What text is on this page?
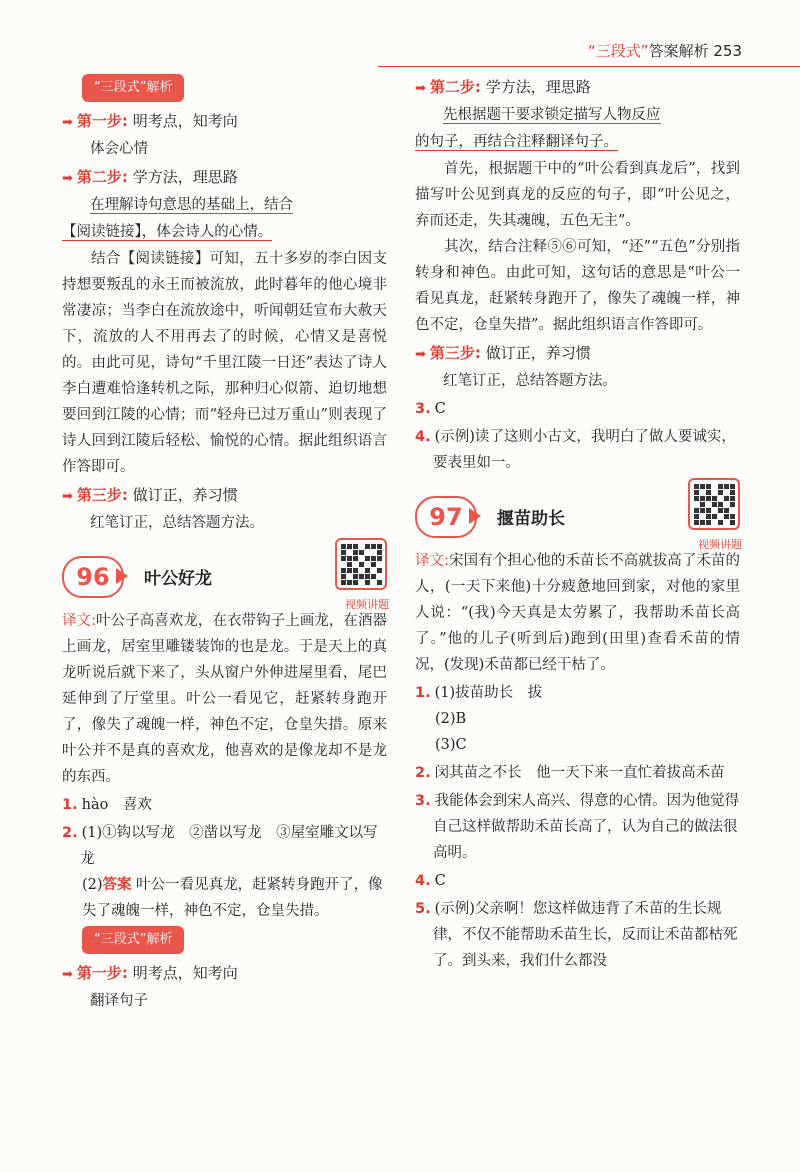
“三段式”答案解析 253
“三段式”解析
➡ 第一步: 明考点，知考向
体会心情
➡ 第二步: 学方法，理思路
在理解诗句意思的基础上，结合
【阅读链接】，体会诗人的心情。
结合【阅读链接】可知，五十多岁的李白因支持想要叛乱的永王而被流放，此时暮年的他心境非常凄凉；当李白在流放途中，听闻朝廷宣布大赦天下，流放的人不用再去了的时候，心情又是喜悦的。由此可见，诗句“千里江陵一日还”表达了诗人李白遭难恰逢转机之际，那种归心似箭、迫切地想要回到江陵的心情；而“轻舟已过万重山”则表现了诗人回到江陵后轻松、愉悦的心情。据此组织语言作答即可。
➡ 第三步: 做订正，养习惯
红笔订正，总结答题方法。
96	叶公好龙
视频讲题
译文:叶公子高喜欢龙，在衣带钩子上画龙，在酒器上画龙，居室里雕镂装饰的也是龙。于是天上的真龙听说后就下来了，头从窗户外伸进屋里看，尾巴延伸到了厅堂里。叶公一看见它，赶紧转身跑开了，像失了魂魄一样，神色不定，仓皇失措。原来叶公并不是真的喜欢龙，他喜欢的是像龙却不是龙的东西。
1. hào　喜欢
2. (1)①钩以写龙　②凿以写龙　③屋室雕文以写龙
(2)答案 叶公一看见真龙，赶紧转身跑开了，像失了魂魄一样，神色不定，仓皇失措。
“三段式”解析
➡ 第一步: 明考点，知考向
翻译句子
➡ 第二步: 学方法，理思路
先根据题干要求锁定描写人物反应
的句子，再结合注释翻译句子。
首先，根据题干中的“叶公看到真龙后”，找到描写叶公见到真龙的反应的句子，即“叶公见之，弃而还走，失其魂魄，五色无主”。
其次，结合注释⑤⑥可知，“还”“五色”分别指转身和神色。由此可知，这句话的意思是“叶公一看见真龙，赶紧转身跑开了，像失了魂魄一样，神色不定，仓皇失措”。据此组织语言作答即可。
➡ 第三步: 做订正，养习惯
红笔订正，总结答题方法。
3. C
4. (示例)读了这则小古文，我明白了做人要诚实，要表里如一。
97	揠苗助长
视频讲题
译文:宋国有个担心他的禾苗长不高就拔高了禾苗的人，(一天下来他)十分疲惫地回到家，对他的家里人说：“(我)今天真是太劳累了，我帮助禾苗长高了。”他的儿子(听到后)跑到(田里)查看禾苗的情况，(发现)禾苗都已经干枯了。
1. (1)拔苗助长　拔
(2)B
(3)C
2. 闵其苗之不长　他一天下来一直忙着拔高禾苗
3. 我能体会到宋人高兴、得意的心情。因为他觉得自己这样做帮助禾苗长高了，认为自己的做法很高明。
4. C
5. (示例)父亲啊！您这样做违背了禾苗的生长规律，不仅不能帮助禾苗生长，反而让禾苗都枯死了。到头来，我们什么都没
